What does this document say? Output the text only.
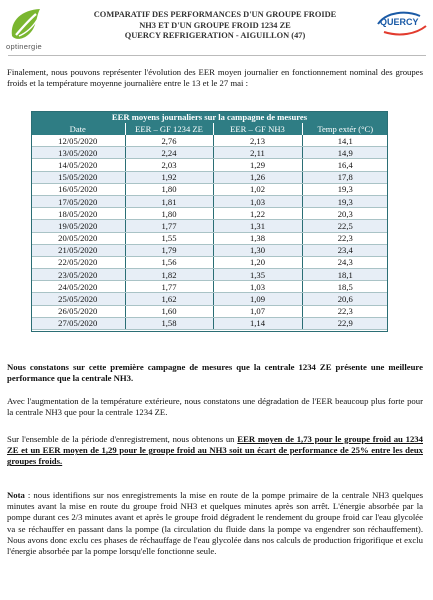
optinergie
COMPARATIF DES PERFORMANCES D'UN GROUPE FROIDE
NH3 ET D'UN GROUPE FROID 1234 ZE
QUERCY REFRIGERATION - AIGUILLON (47)
QUERCY
Finalement, nous pouvons représenter l'évolution des EER moyen journalier en fonctionnement nominal des groupes froids et la température moyenne journalière entre le 13 et le 27 mai :
EER moyens journaliers sur la campagne de mesures			
Date	EER – GF 1234 ZE	EER – GF NH3	Temp extér (°C)
12/05/2020	2,76	2,13	14,1
13/05/2020	2,24	2,11	14,9
14/05/2020	2,03	1,29	16,4
15/05/2020	1,92	1,26	17,8
16/05/2020	1,80	1,02	19,3
17/05/2020	1,81	1,03	19,3
18/05/2020	1,80	1,22	20,3
19/05/2020	1,77	1,31	22,5
20/05/2020	1,55	1,38	22,3
21/05/2020	1,79	1,30	23,4
22/05/2020	1,56	1,20	24,3
23/05/2020	1,82	1,35	18,1
24/05/2020	1,77	1,03	18,5
25/05/2020	1,62	1,09	20,6
26/05/2020	1,60	1,07	22,3
27/05/2020	1,58	1,14	22,9
Nous constatons sur cette première campagne de mesures que la centrale 1234 ZE présente une meilleure performance que la centrale NH3.
Avec l'augmentation de la température extérieure, nous constatons une dégradation de l'EER beaucoup plus forte pour la centrale NH3 que pour la centrale 1234 ZE.
Sur l'ensemble de la période d'enregistrement, nous obtenons un EER moyen de 1,73 pour le groupe froid au 1234 ZE et un EER moyen de 1,29 pour le groupe froid au NH3 soit un écart de performance de 25% entre les deux groupes froids.
Nota : nous identifions sur nos enregistrements la mise en route de la pompe primaire de la centrale NH3 quelques minutes avant la mise en route du groupe froid NH3 et quelques minutes après son arrêt. L'énergie absorbée par la pompe durant ces 2/3 minutes avant et après le groupe froid dégradent le rendement du groupe froid car l'eau glycolée va se réchauffer en passant dans la pompe (la circulation du fluide dans la pompe va engendrer son réchauffement). Nous avons donc exclu ces phases de réchauffage de l'eau glycolée dans nos calculs de production frigorifique et exclu l'énergie absorbée par la pompe lorsqu'elle fonctionne seule.
